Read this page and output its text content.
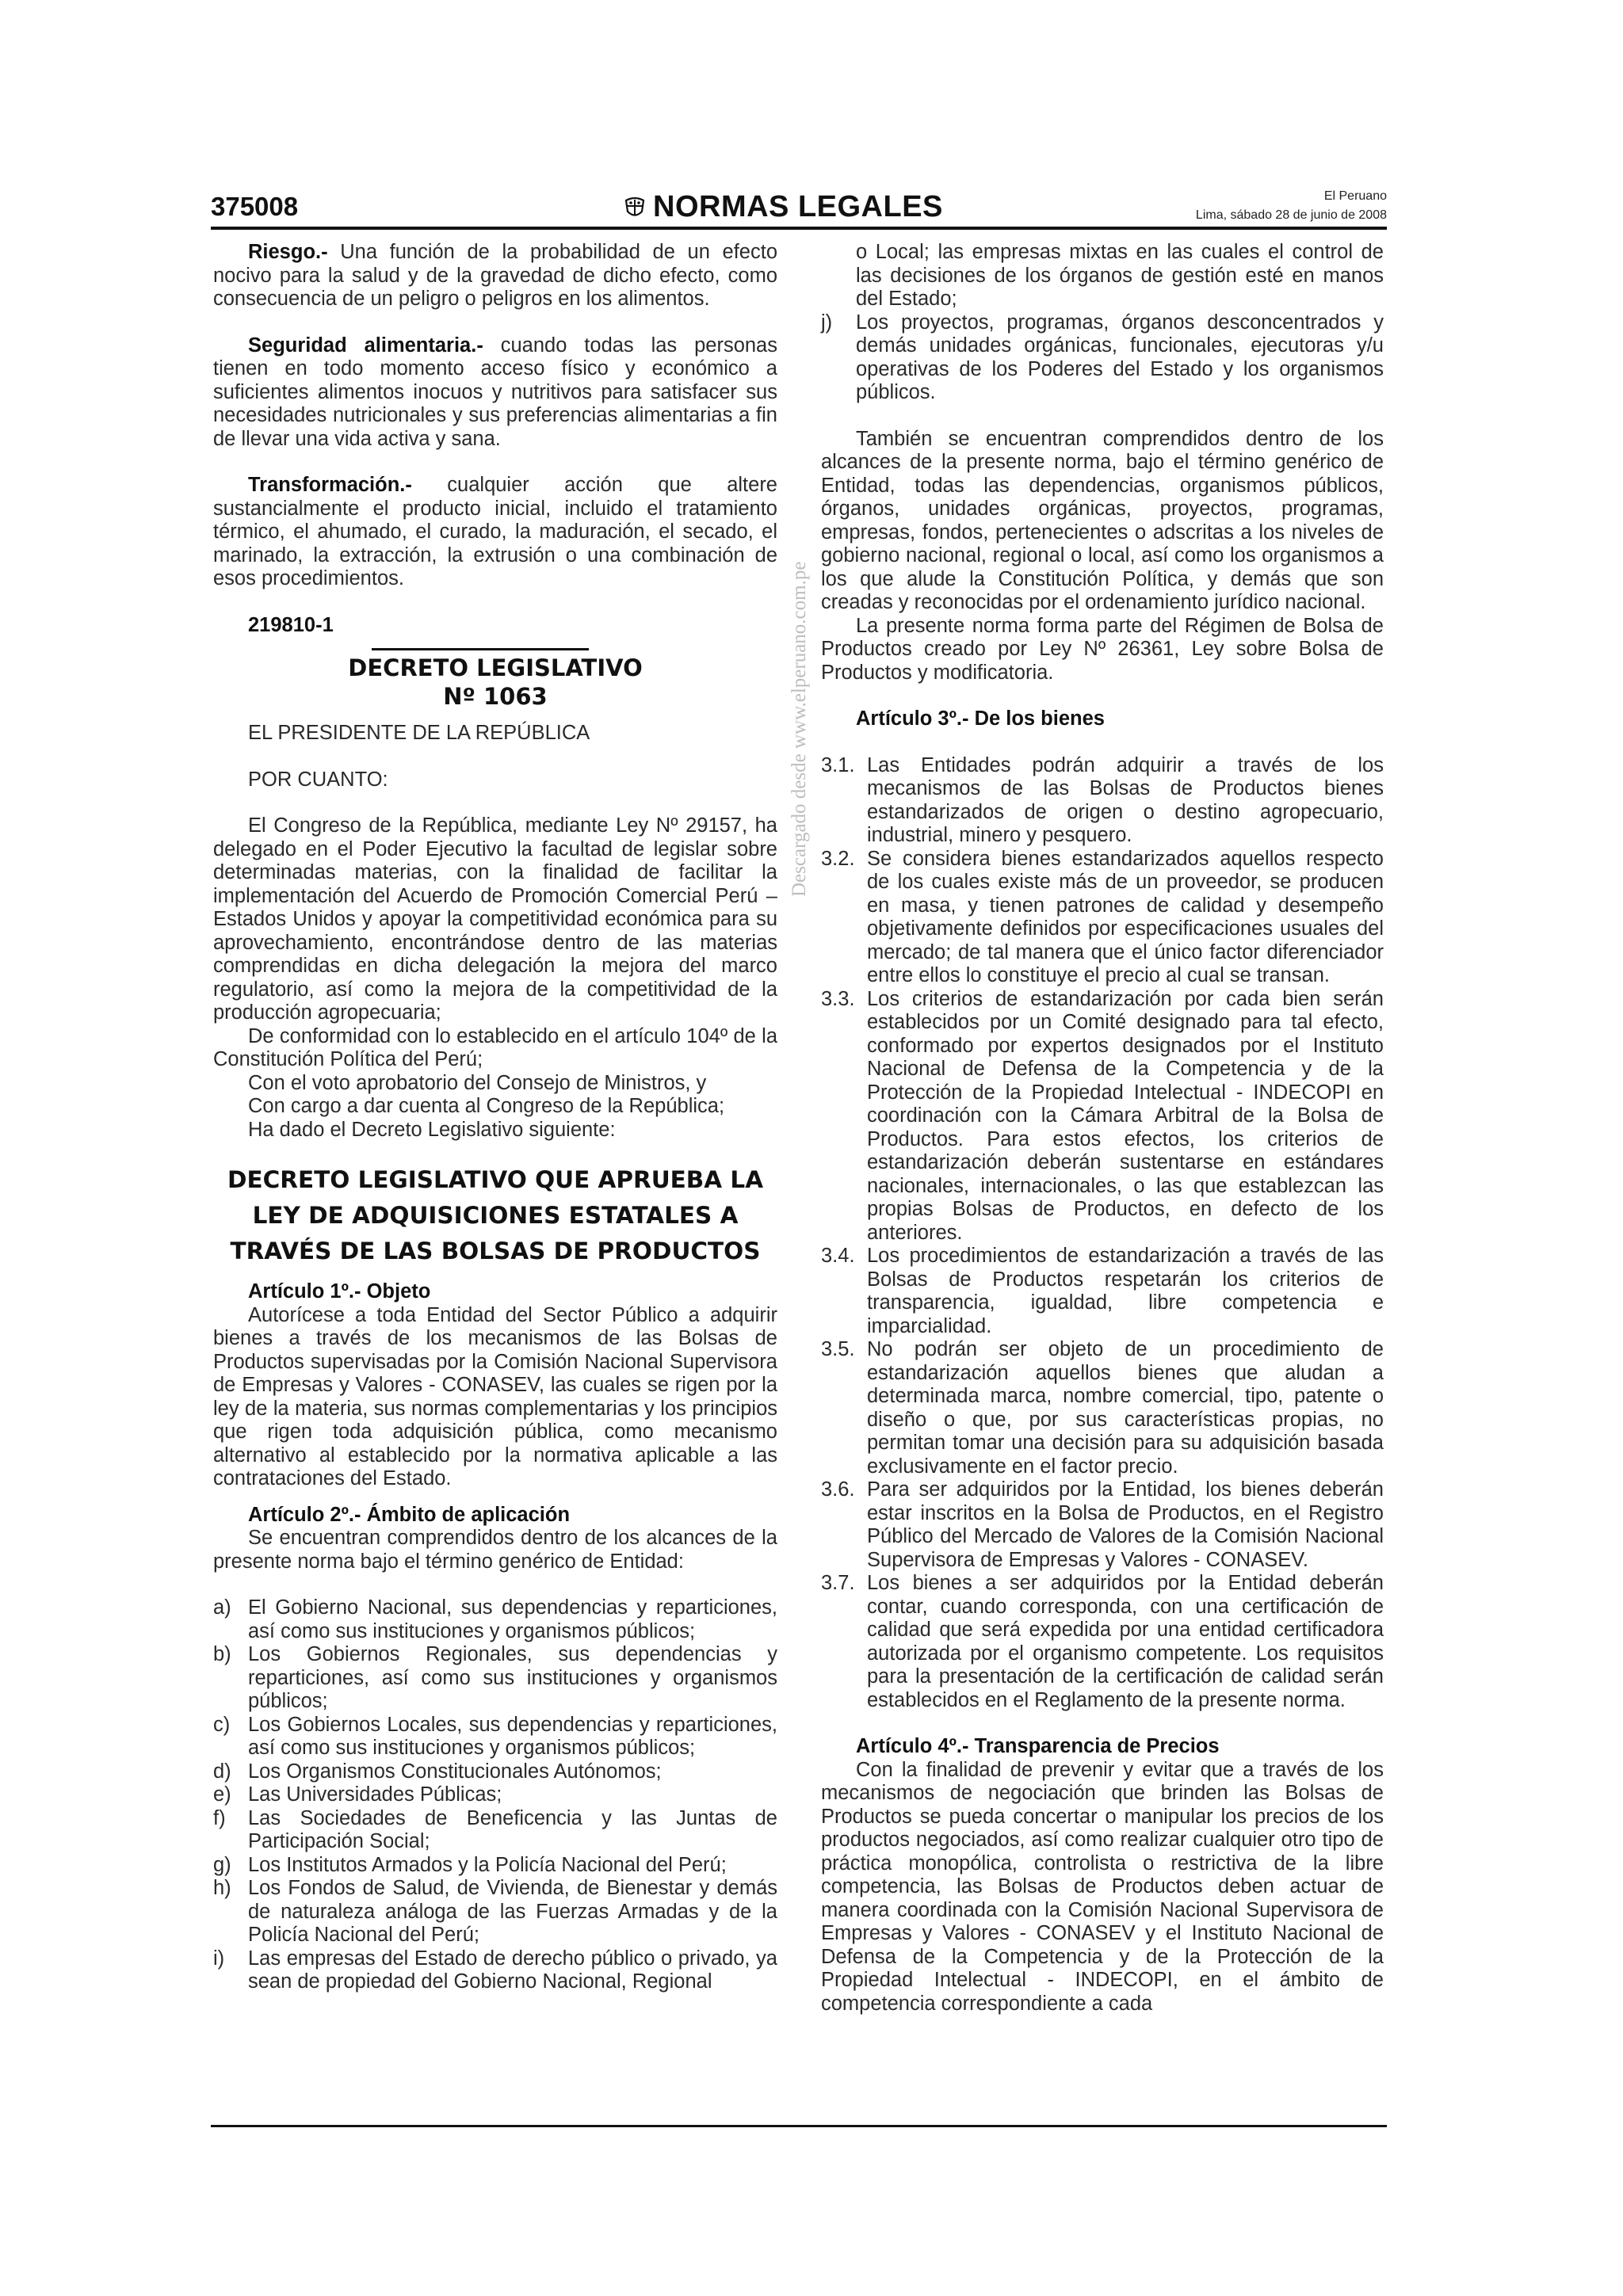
375008	NORMAS LEGALES	El Peruano
Lima, sábado 28 de junio de 2008

Riesgo.- Una función de la probabilidad de un efecto nocivo para la salud y de la gravedad de dicho efecto, como consecuencia de un peligro o peligros en los alimentos.

Seguridad alimentaria.- cuando todas las personas tienen en todo momento acceso físico y económico a suficientes alimentos inocuos y nutritivos para satisfacer sus necesidades nutricionales y sus preferencias alimentarias a fin de llevar una vida activa y sana.

Transformación.- cualquier acción que altere sustancialmente el producto inicial, incluido el tratamiento térmico, el ahumado, el curado, la maduración, el secado, el marinado, la extracción, la extrusión o una combinación de esos procedimientos.

219810-1

DECRETO LEGISLATIVO
Nº 1063

EL PRESIDENTE DE LA REPÚBLICA

POR CUANTO:

El Congreso de la República, mediante Ley Nº 29157, ha delegado en el Poder Ejecutivo la facultad de legislar sobre determinadas materias, con la finalidad de facilitar la implementación del Acuerdo de Promoción Comercial Perú – Estados Unidos y apoyar la competitividad económica para su aprovechamiento, encontrándose dentro de las materias comprendidas en dicha delegación la mejora del marco regulatorio, así como la mejora de la competitividad de la producción agropecuaria;

De conformidad con lo establecido en el artículo 104º de la Constitución Política del Perú;

Con el voto aprobatorio del Consejo de Ministros, y

Con cargo a dar cuenta al Congreso de la República;

Ha dado el Decreto Legislativo siguiente:

DECRETO LEGISLATIVO QUE APRUEBA LA LEY DE ADQUISICIONES ESTATALES A TRAVÉS DE LAS BOLSAS DE PRODUCTOS

Artículo 1º.- Objeto

Autorícese a toda Entidad del Sector Público a adquirir bienes a través de los mecanismos de las Bolsas de Productos supervisadas por la Comisión Nacional Supervisora de Empresas y Valores - CONASEV, las cuales se rigen por la ley de la materia, sus normas complementarias y los principios que rigen toda adquisición pública, como mecanismo alternativo al establecido por la normativa aplicable a las contrataciones del Estado.

Artículo 2º.- Ámbito de aplicación

Se encuentran comprendidos dentro de los alcances de la presente norma bajo el término genérico de Entidad:

a) El Gobierno Nacional, sus dependencias y reparticiones, así como sus instituciones y organismos públicos;
b) Los Gobiernos Regionales, sus dependencias y reparticiones, así como sus instituciones y organismos públicos;
c) Los Gobiernos Locales, sus dependencias y reparticiones, así como sus instituciones y organismos públicos;
d) Los Organismos Constitucionales Autónomos;
e) Las Universidades Públicas;
f) Las Sociedades de Beneficencia y las Juntas de Participación Social;
g) Los Institutos Armados y la Policía Nacional del Perú;
h) Los Fondos de Salud, de Vivienda, de Bienestar y demás de naturaleza análoga de las Fuerzas Armadas y de la Policía Nacional del Perú;
i) Las empresas del Estado de derecho público o privado, ya sean de propiedad del Gobierno Nacional, Regional
Descargado desde www.elperuano.com.pe

o Local; las empresas mixtas en las cuales el control de las decisiones de los órganos de gestión esté en manos del Estado;

j) Los proyectos, programas, órganos desconcentrados y demás unidades orgánicas, funcionales, ejecutoras y/u operativas de los Poderes del Estado y los organismos públicos.

También se encuentran comprendidos dentro de los alcances de la presente norma, bajo el término genérico de Entidad, todas las dependencias, organismos públicos, órganos, unidades orgánicas, proyectos, programas, empresas, fondos, pertenecientes o adscritas a los niveles de gobierno nacional, regional o local, así como los organismos a los que alude la Constitución Política, y demás que son creadas y reconocidas por el ordenamiento jurídico nacional.

La presente norma forma parte del Régimen de Bolsa de Productos creado por Ley Nº 26361, Ley sobre Bolsa de Productos y modificatoria.

Artículo 3º.- De los bienes

3.1. Las Entidades podrán adquirir a través de los mecanismos de las Bolsas de Productos bienes estandarizados de origen o destino agropecuario, industrial, minero y pesquero.
3.2. Se considera bienes estandarizados aquellos respecto de los cuales existe más de un proveedor, se producen en masa, y tienen patrones de calidad y desempeño objetivamente definidos por especificaciones usuales del mercado; de tal manera que el único factor diferenciador entre ellos lo constituye el precio al cual se transan.
3.3. Los criterios de estandarización por cada bien serán establecidos por un Comité designado para tal efecto, conformado por expertos designados por el Instituto Nacional de Defensa de la Competencia y de la Protección de la Propiedad Intelectual - INDECOPI en coordinación con la Cámara Arbitral de la Bolsa de Productos. Para estos efectos, los criterios de estandarización deberán sustentarse en estándares nacionales, internacionales, o las que establezcan las propias Bolsas de Productos, en defecto de los anteriores.
3.4. Los procedimientos de estandarización a través de las Bolsas de Productos respetarán los criterios de transparencia, igualdad, libre competencia e imparcialidad.
3.5. No podrán ser objeto de un procedimiento de estandarización aquellos bienes que aludan a determinada marca, nombre comercial, tipo, patente o diseño o que, por sus características propias, no permitan tomar una decisión para su adquisición basada exclusivamente en el factor precio.
3.6. Para ser adquiridos por la Entidad, los bienes deberán estar inscritos en la Bolsa de Productos, en el Registro Público del Mercado de Valores de la Comisión Nacional Supervisora de Empresas y Valores - CONASEV.
3.7. Los bienes a ser adquiridos por la Entidad deberán contar, cuando corresponda, con una certificación de calidad que será expedida por una entidad certificadora autorizada por el organismo competente. Los requisitos para la presentación de la certificación de calidad serán establecidos en el Reglamento de la presente norma.

Artículo 4º.- Transparencia de Precios

Con la finalidad de prevenir y evitar que a través de los mecanismos de negociación que brinden las Bolsas de Productos se pueda concertar o manipular los precios de los productos negociados, así como realizar cualquier otro tipo de práctica monopólica, controlista o restrictiva de la libre competencia, las Bolsas de Productos deben actuar de manera coordinada con la Comisión Nacional Supervisora de Empresas y Valores - CONASEV y el Instituto Nacional de Defensa de la Competencia y de la Protección de la Propiedad Intelectual - INDECOPI, en el ámbito de competencia correspondiente a cada
